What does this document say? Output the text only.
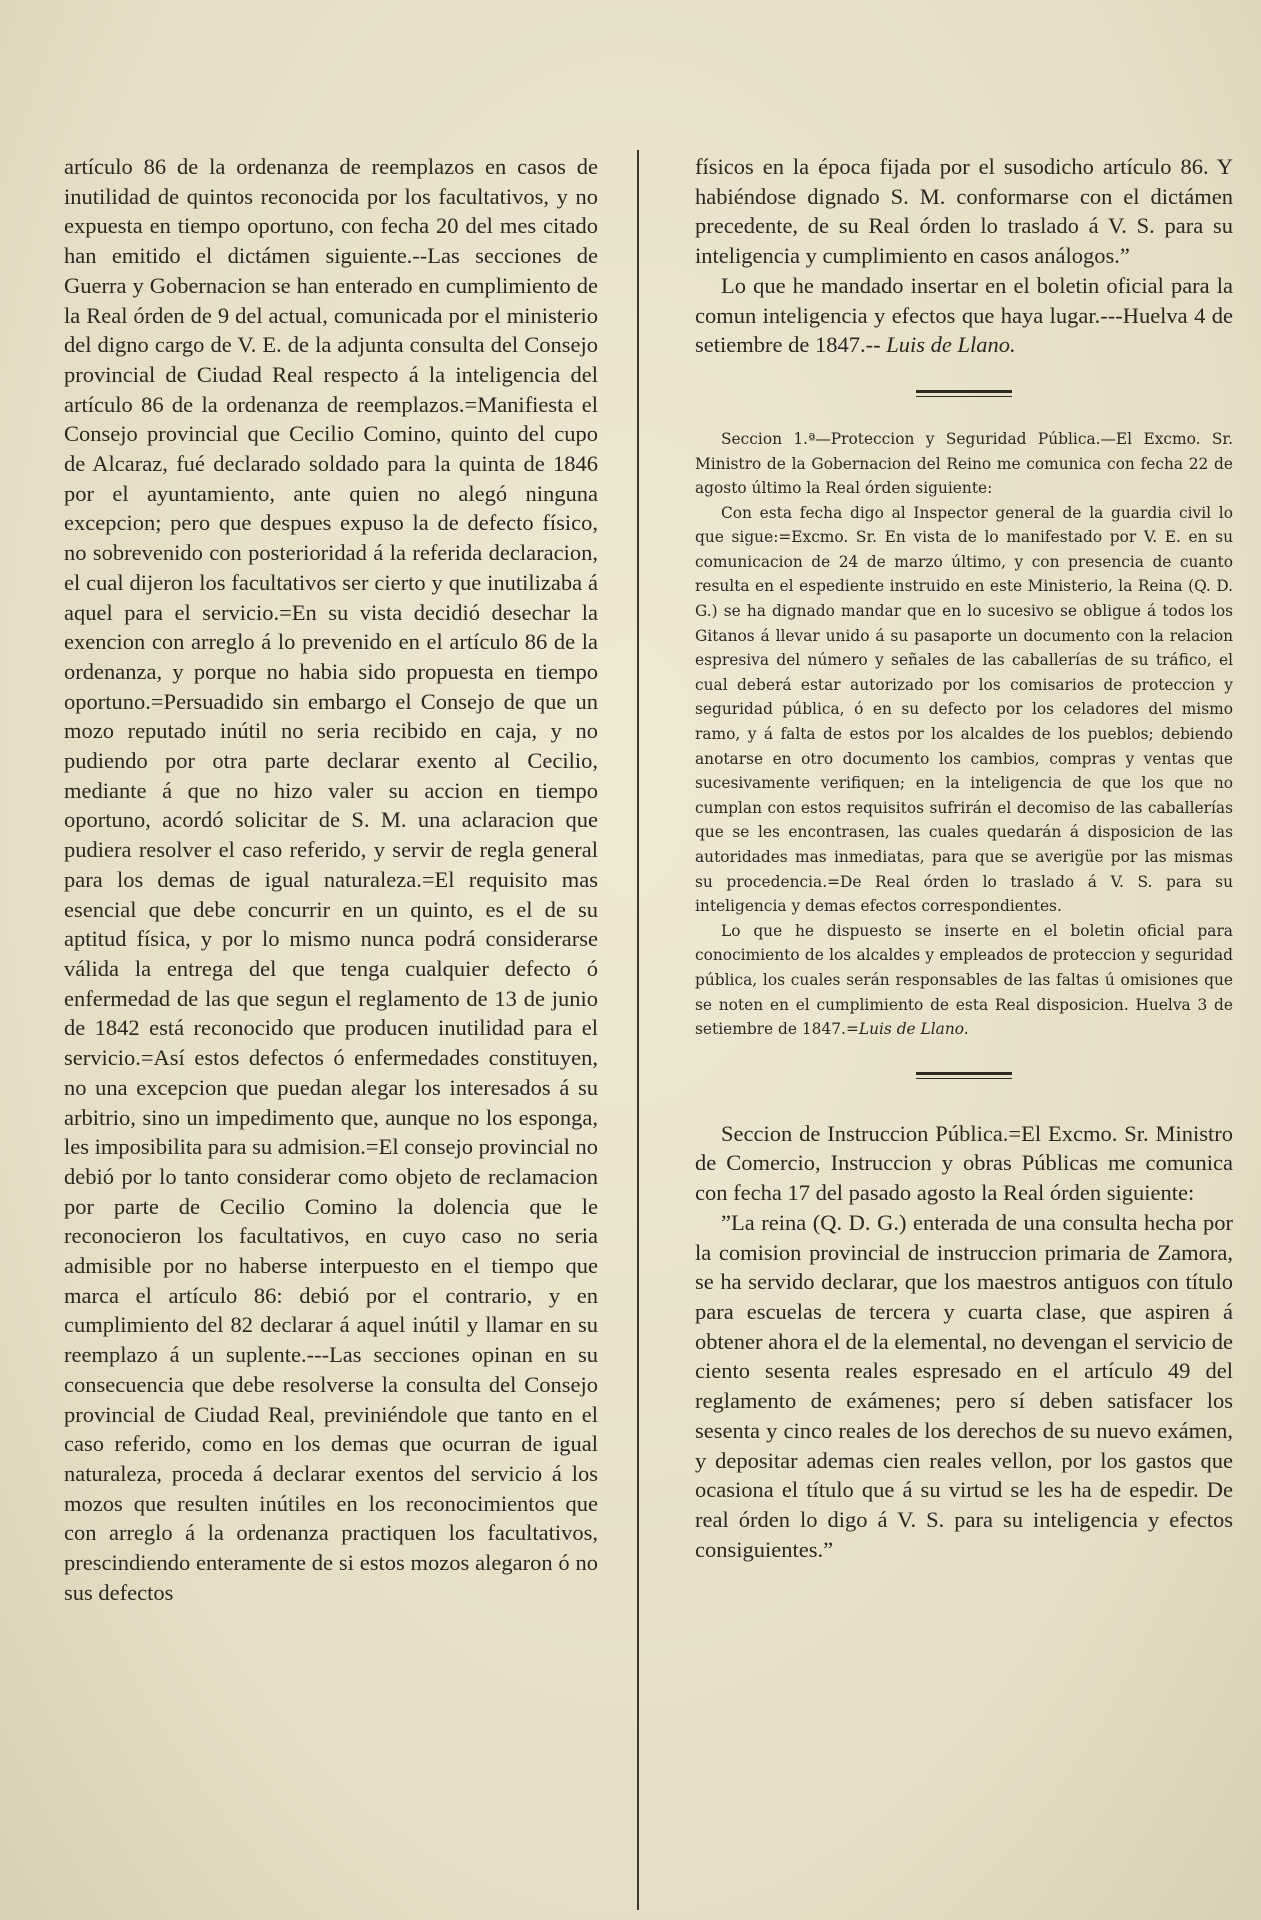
artículo 86 de la ordenanza de reemplazos en casos de inutilidad de quintos reconocida por los facultativos, y no expuesta en tiempo oportuno, con fecha 20 del mes citado han emitido el dictámen siguiente.--Las secciones de Guerra y Gobernacion se han enterado en cumplimiento de la Real órden de 9 del actual, comunicada por el ministerio del digno cargo de V. E. de la adjunta consulta del Consejo provincial de Ciudad Real respecto á la inteligencia del artículo 86 de la ordenanza de reemplazos.=Manifiesta el Consejo provincial que Cecilio Comino, quinto del cupo de Alcaraz, fué declarado soldado para la quinta de 1846 por el ayuntamiento, ante quien no alegó ninguna excepcion; pero que despues expuso la de defecto físico, no sobrevenido con posterioridad á la referida declaracion, el cual dijeron los facultativos ser cierto y que inutilizaba á aquel para el servicio.=En su vista decidió desechar la exencion con arreglo á lo prevenido en el artículo 86 de la ordenanza, y porque no habia sido propuesta en tiempo oportuno.=Persuadido sin embargo el Consejo de que un mozo reputado inútil no seria recibido en caja, y no pudiendo por otra parte declarar exento al Cecilio, mediante á que no hizo valer su accion en tiempo oportuno, acordó solicitar de S. M. una aclaracion que pudiera resolver el caso referido, y servir de regla general para los demas de igual naturaleza.=El requisito mas esencial que debe concurrir en un quinto, es el de su aptitud física, y por lo mismo nunca podrá considerarse válida la entrega del que tenga cualquier defecto ó enfermedad de las que segun el reglamento de 13 de junio de 1842 está reconocido que producen inutilidad para el servicio.=Así estos defectos ó enfermedades constituyen, no una excepcion que puedan alegar los interesados á su arbitrio, sino un impedimento que, aunque no los esponga, les imposibilita para su admision.=El consejo provincial no debió por lo tanto considerar como objeto de reclamacion por parte de Cecilio Comino la dolencia que le reconocieron los facultativos, en cuyo caso no seria admisible por no haberse interpuesto en el tiempo que marca el artículo 86: debió por el contrario, y en cumplimiento del 82 declarar á aquel inútil y llamar en su reemplazo á un suplente.---Las secciones opinan en su consecuencia que debe resolverse la consulta del Consejo provincial de Ciudad Real, previniéndole que tanto en el caso referido, como en los demas que ocurran de igual naturaleza, proceda á declarar exentos del servicio á los mozos que resulten inútiles en los reconocimientos que con arreglo á la ordenanza practiquen los facultativos, prescindiendo enteramente de si estos mozos alegaron ó no sus defectos

físicos en la época fijada por el susodicho artículo 86. Y habiéndose dignado S. M. conformarse con el dictámen precedente, de su Real órden lo traslado á V. S. para su inteligencia y cumplimiento en casos análogos.”

Lo que he mandado insertar en el boletin oficial para la comun inteligencia y efectos que haya lugar.---Huelva 4 de setiembre de 1847.-- Luis de Llano.

Seccion 1.ª—Proteccion y Seguridad Pública.—El Excmo. Sr. Ministro de la Gobernacion del Reino me comunica con fecha 22 de agosto último la Real órden siguiente:

Con esta fecha digo al Inspector general de la guardia civil lo que sigue:=Excmo. Sr. En vista de lo manifestado por V. E. en su comunicacion de 24 de marzo último, y con presencia de cuanto resulta en el espediente instruido en este Ministerio, la Reina (Q. D. G.) se ha dignado mandar que en lo sucesivo se obligue á todos los Gitanos á llevar unido á su pasaporte un documento con la relacion espresiva del número y señales de las caballerías de su tráfico, el cual deberá estar autorizado por los comisarios de proteccion y seguridad pública, ó en su defecto por los celadores del mismo ramo, y á falta de estos por los alcaldes de los pueblos; debiendo anotarse en otro documento los cambios, compras y ventas que sucesivamente verifiquen; en la inteligencia de que los que no cumplan con estos requisitos sufrirán el decomiso de las caballerías que se les encontrasen, las cuales quedarán á disposicion de las autoridades mas inmediatas, para que se averigüe por las mismas su procedencia.=De Real órden lo traslado á V. S. para su inteligencia y demas efectos correspondientes.

Lo que he dispuesto se inserte en el boletin oficial para conocimiento de los alcaldes y empleados de proteccion y seguridad pública, los cuales serán responsables de las faltas ú omisiones que se noten en el cumplimiento de esta Real disposicion. Huelva 3 de setiembre de 1847.=Luis de Llano.

Seccion de Instruccion Pública.=El Excmo. Sr. Ministro de Comercio, Instruccion y obras Públicas me comunica con fecha 17 del pasado agosto la Real órden siguiente:

”La reina (Q. D. G.) enterada de una consulta hecha por la comision provincial de instruccion primaria de Zamora, se ha servido declarar, que los maestros antiguos con título para escuelas de tercera y cuarta clase, que aspiren á obtener ahora el de la elemental, no devengan el servicio de ciento sesenta reales espresado en el artículo 49 del reglamento de exámenes; pero sí deben satisfacer los sesenta y cinco reales de los derechos de su nuevo exámen, y depositar ademas cien reales vellon, por los gastos que ocasiona el título que á su virtud se les ha de espedir. De real órden lo digo á V. S. para su inteligencia y efectos consiguientes.”
